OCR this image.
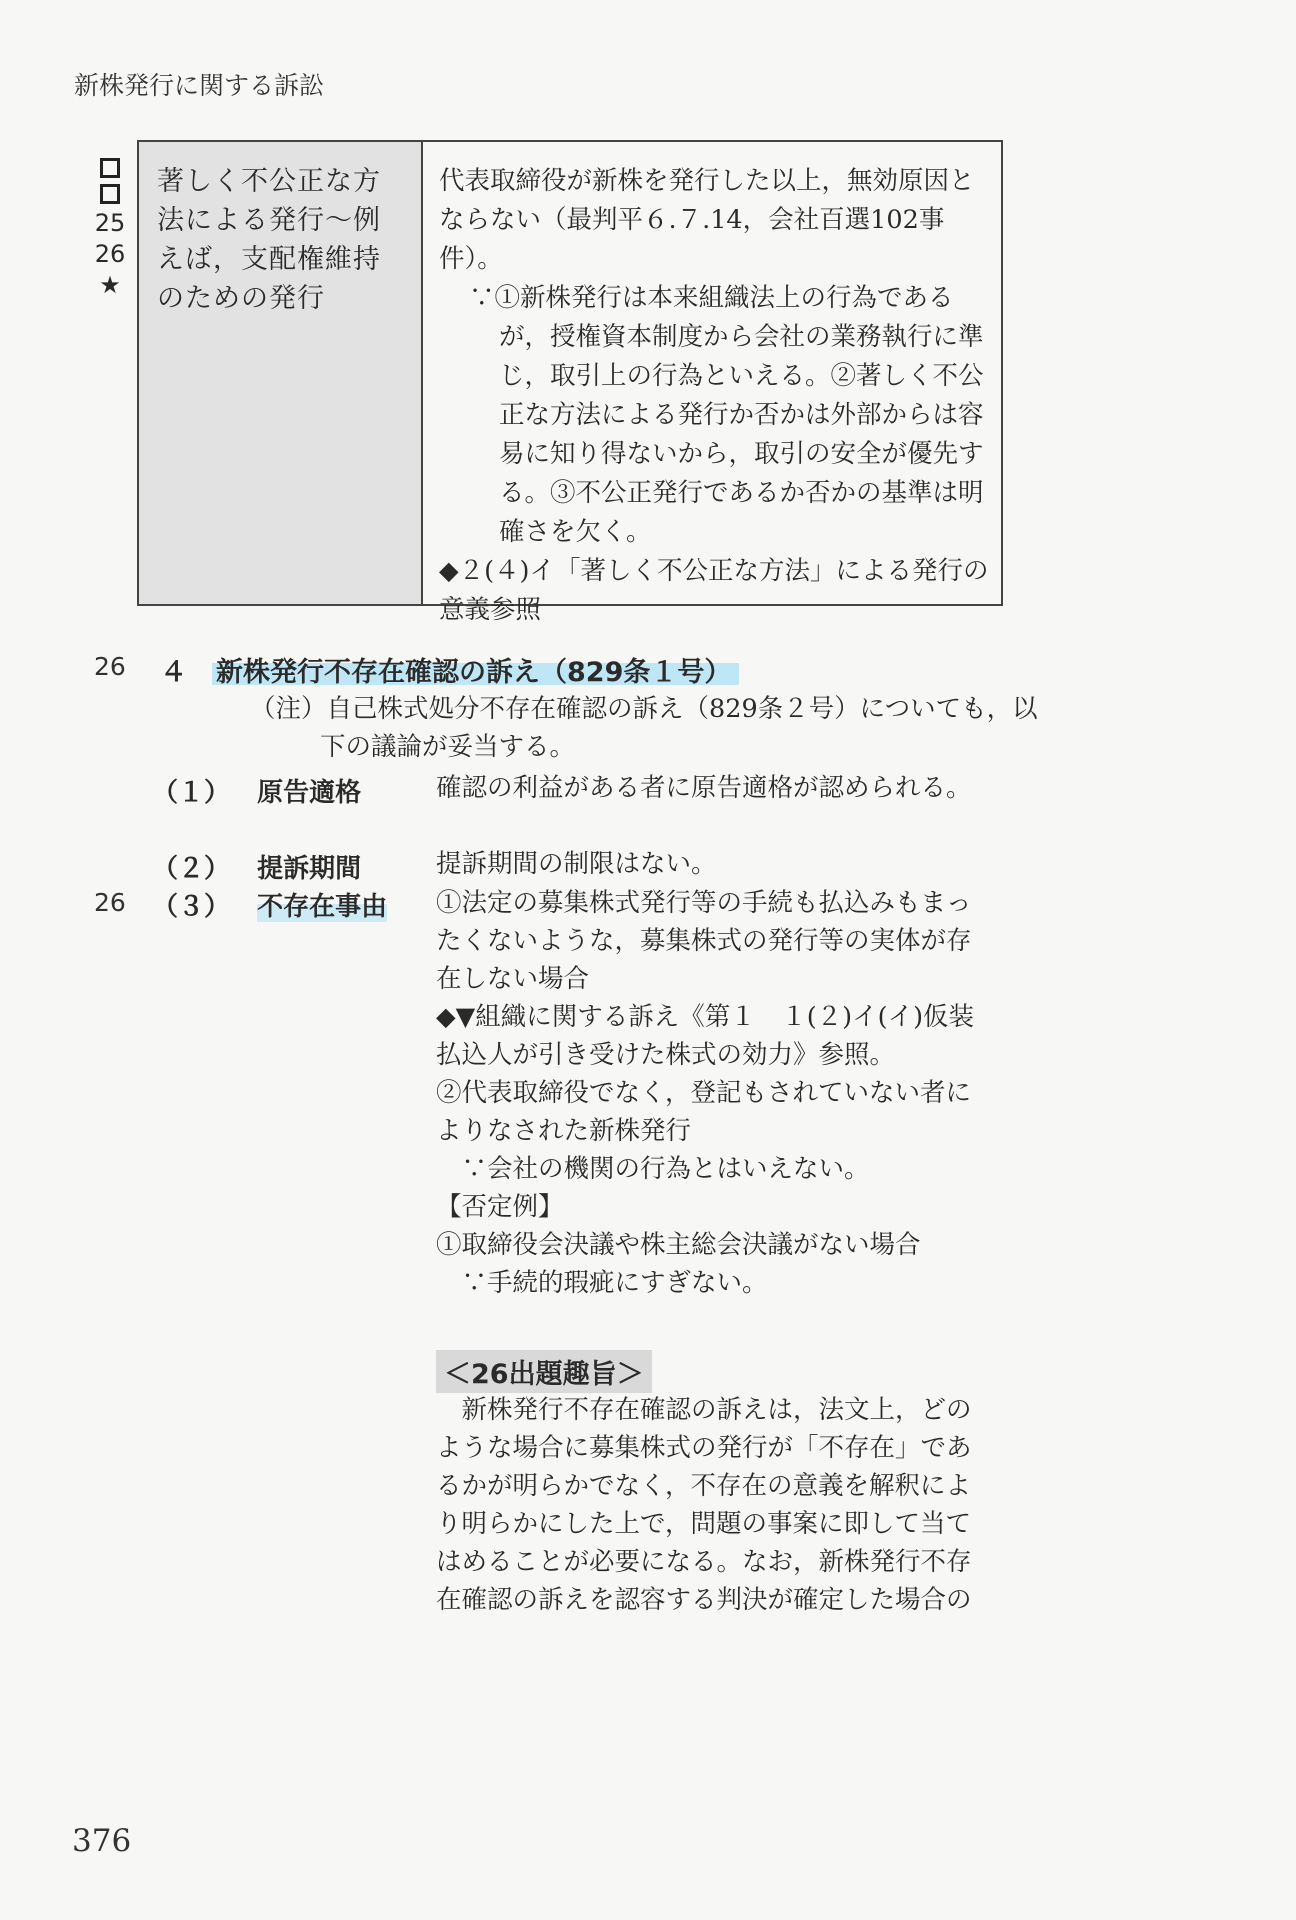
新株発行に関する訴訟
25
26
★
著しく不公正な方法による発行〜例えば，支配権維持のための発行

代表取締役が新株を発行した以上，無効原因とならない（最判平６.７.14，会社百選102事件）。

∵①新株発行は本来組織法上の行為であるが，授権資本制度から会社の業務執行に準じ，取引上の行為といえる。②著しく不公正な方法による発行か否かは外部からは容易に知り得ないから，取引の安全が優先する。③不公正発行であるか否かの基準は明確さを欠く。

◆２(４)イ「著しく不公正な方法」による発行の意義参照

26 ４ 新株発行不存在確認の訴え（829条１号）
（注）自己株式処分不存在確認の訴え（829条２号）についても，以下の議論が妥当する。
（１） 原告適格	確認の利益がある者に原告適格が認められる。

（２） 提訴期間	提訴期間の制限はない。

26 （３） 不存在事由 ①法定の募集株式発行等の手続も払込みもまったくないような，募集株式の発行等の実体が存在しない場合

◆▼組織に関する訴え《第１　１(２)イ(イ)仮装払込人が引き受けた株式の効力》参照。

②代表取締役でなく，登記もされていない者によりなされた新株発行

　∵会社の機関の行為とはいえない。

【否定例】

①取締役会決議や株主総会決議がない場合

　∵手続的瑕疵にすぎない。

＜26出題趣旨＞
　新株発行不存在確認の訴えは，法文上，どのような場合に募集株式の発行が「不存在」であるかが明らかでなく，不存在の意義を解釈により明らかにした上で，問題の事案に即して当てはめることが必要になる。なお，新株発行不存在確認の訴えを認容する判決が確定した場合の
376
